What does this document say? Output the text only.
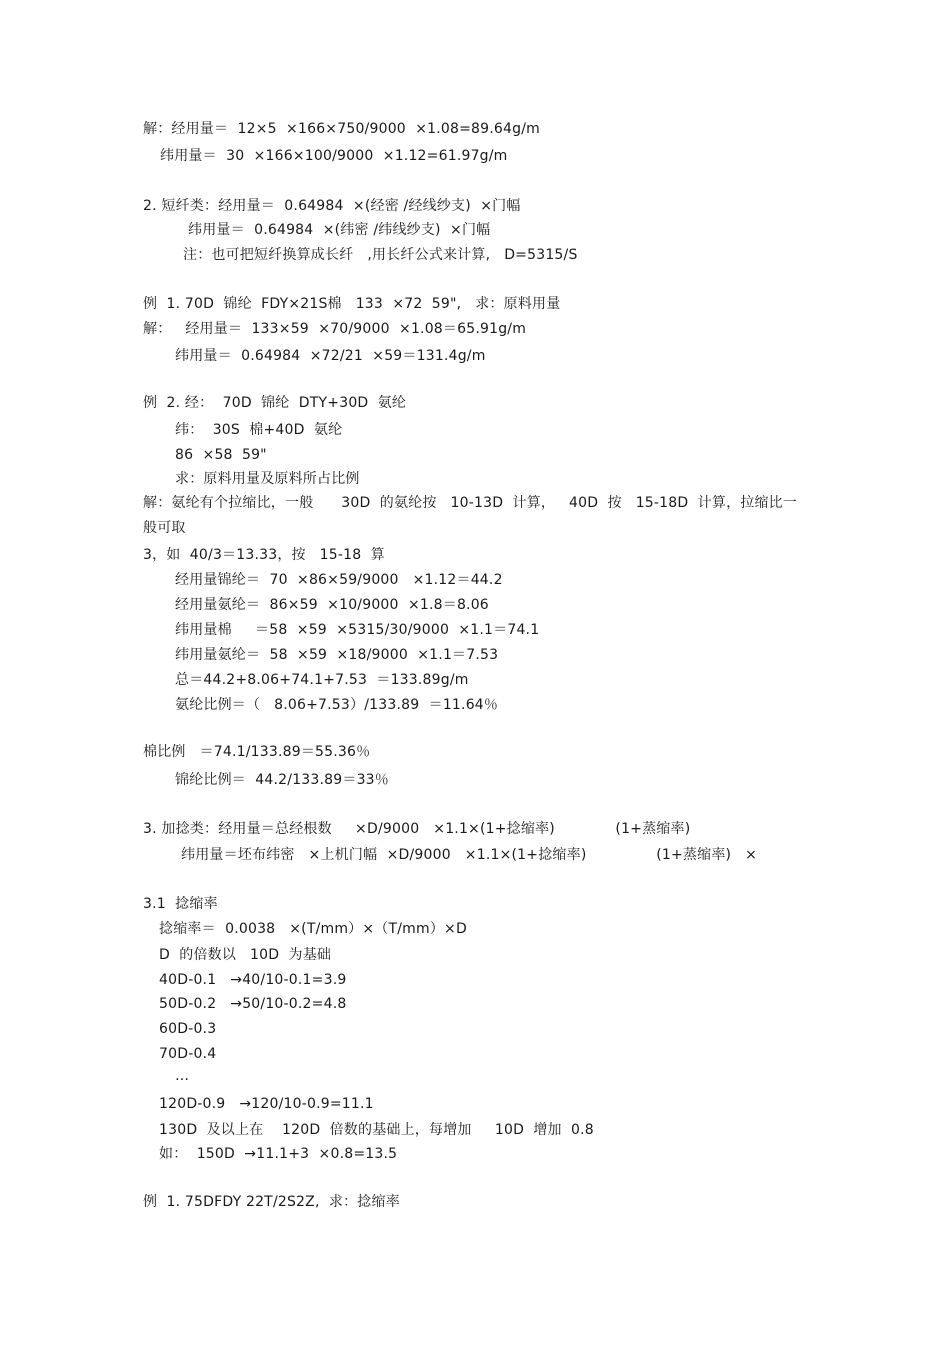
解：经用量＝  12×5  ×166×750/9000  ×1.08=89.64g/m
纬用量＝  30  ×166×100/9000  ×1.12=61.97g/m
2. 短纤类：经用量＝  0.64984  ×(经密 /经线纱支)  ×门幅
纬用量＝  0.64984  ×(纬密 /纬线纱支)  ×门幅
注：也可把短纤换算成长纤   ,用长纤公式来计算,   D=5315/S
例  1. 70D  锦纶  FDY×21S棉   133  ×72  59",   求：原料用量
解：   经用量＝  133×59  ×70/9000  ×1.08＝65.91g/m
纬用量＝  0.64984  ×72/21  ×59＝131.4g/m
例  2. 经：  70D  锦纶  DTY+30D  氨纶
纬：  30S  棉+40D  氨纶
86  ×58  59"
求：原料用量及原料所占比例
解：氨纶有个拉缩比，一般      30D  的氨纶按   10-13D  计算，   40D  按   15-18D  计算，拉缩比一
般可取
3，如  40/3＝13.33，按   15-18  算
经用量锦纶＝  70  ×86×59/9000   ×1.12＝44.2
经用量氨纶＝  86×59  ×10/9000  ×1.8＝8.06
纬用量棉     ＝58  ×59  ×5315/30/9000  ×1.1＝74.1
纬用量氨纶＝  58  ×59  ×18/9000  ×1.1＝7.53
总＝44.2+8.06+74.1+7.53  ＝133.89g/m
氨纶比例＝（   8.06+7.53）/133.89  ＝11.64％
棉比例   ＝74.1/133.89＝55.36％
锦纶比例＝  44.2/133.89＝33％
3. 加捻类：经用量＝总经根数     ×D/9000   ×1.1×(1+捻缩率)             (1+蒸缩率)
纬用量＝坯布纬密   ×上机门幅  ×D/9000   ×1.1×(1+捻缩率)               (1+蒸缩率)   ×
3.1  捻缩率
捻缩率＝  0.0038   ×(T/mm）×（T/mm）×D
D  的倍数以   10D  为基础
40D-0.1   →40/10-0.1=3.9
50D-0.2   →50/10-0.2=4.8
60D-0.3
70D-0.4
…
120D-0.9   →120/10-0.9=11.1
130D  及以上在    120D  倍数的基础上，每增加     10D  增加  0.8
如：  150D  →11.1+3  ×0.8=13.5
例  1. 75DFDY 22T/2S2Z,  求：捻缩率
